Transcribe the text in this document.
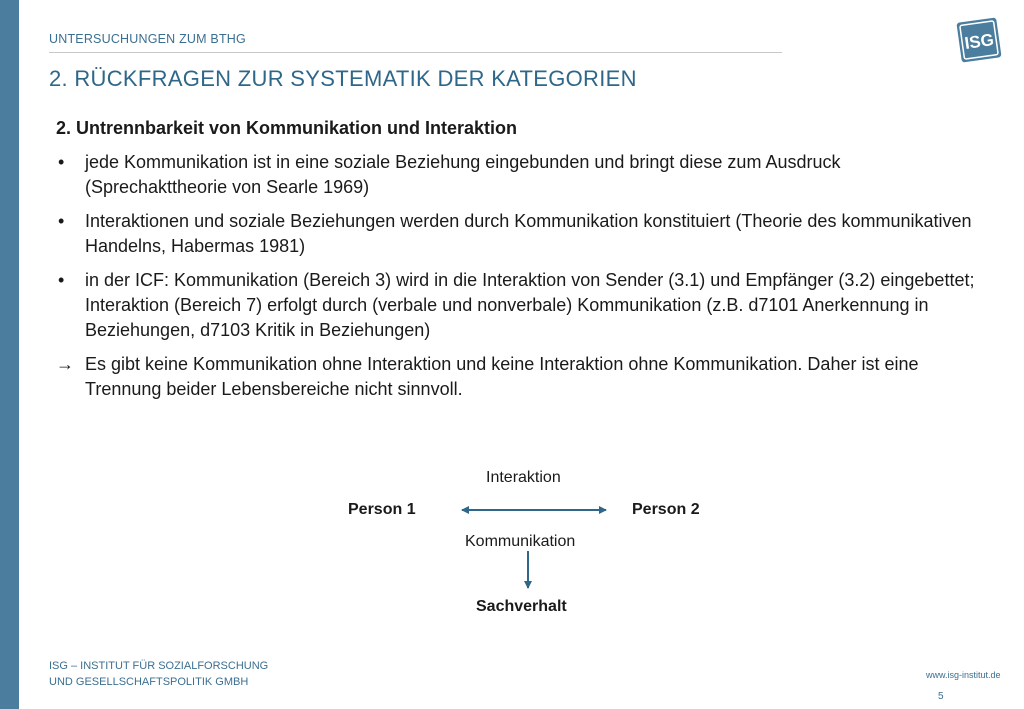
UNTERSUCHUNGEN ZUM BTHG
2. RÜCKFRAGEN ZUR SYSTEMATIK DER KATEGORIEN
ISG
2. Untrennbarkeit von Kommunikation und Interaktion
• jede Kommunikation ist in eine soziale Beziehung eingebunden und bringt diese zum Ausdruck (Sprechakttheorie von Searle 1969)
• Interaktionen und soziale Beziehungen werden durch Kommunikation konstituiert (Theorie des kommunikativen Handelns, Habermas 1981)
• in der ICF: Kommunikation (Bereich 3) wird in die Interaktion von Sender (3.1) und Empfänger (3.2) eingebettet; Interaktion (Bereich 7) erfolgt durch (verbale und nonverbale) Kommunikation (z.B. d7101 Anerkennung in Beziehungen, d7103 Kritik in Beziehungen)
→ Es gibt keine Kommunikation ohne Interaktion und keine Interaktion ohne Kommunikation. Daher ist eine Trennung beider Lebensbereiche nicht sinnvoll.
Interaktion
Person 1	Person 2
Kommunikation
Sachverhalt
ISG – INSTITUT FÜR SOZIALFORSCHUNG
UND GESELLSCHAFTSPOLITIK GMBH
www.isg-institut.de
5
